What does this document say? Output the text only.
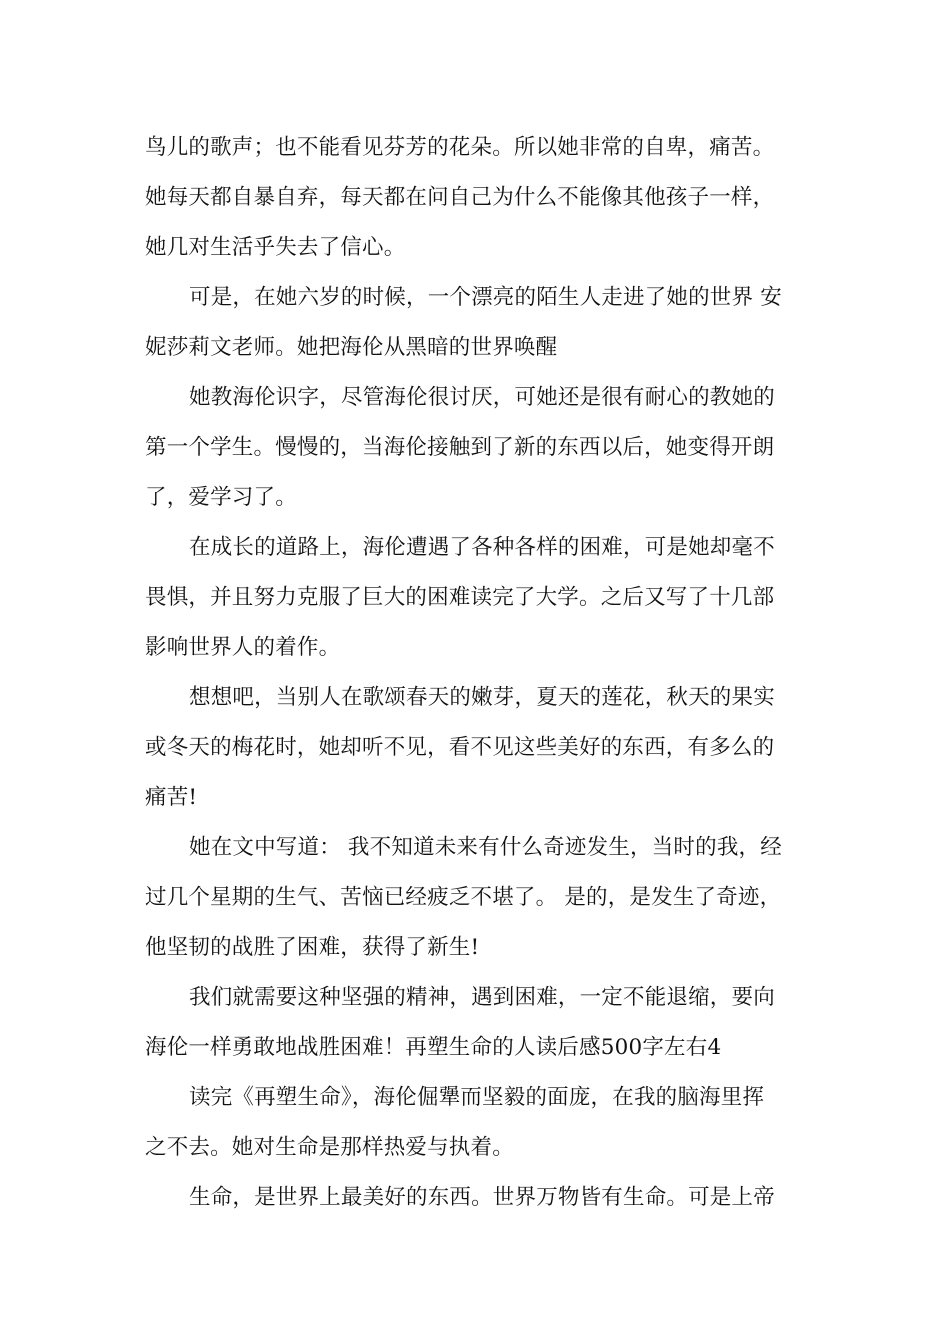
鸟儿的歌声；也不能看见芬芳的花朵。所以她非常的自卑，痛苦。
她每天都自暴自弃，每天都在问自己为什么不能像其他孩子一样，
她几对生活乎失去了信心。
可是，在她六岁的时候，一个漂亮的陌生人走进了她的世界 安
妮莎莉文老师。她把海伦从黑暗的世界唤醒
她教海伦识字，尽管海伦很讨厌，可她还是很有耐心的教她的
第一个学生。慢慢的，当海伦接触到了新的东西以后，她变得开朗
了，爱学习了。
在成长的道路上，海伦遭遇了各种各样的困难，可是她却毫不
畏惧，并且努力克服了巨大的困难读完了大学。之后又写了十几部
影响世界人的着作。
想想吧，当别人在歌颂春天的嫩芽，夏天的莲花，秋天的果实
或冬天的梅花时，她却听不见，看不见这些美好的东西，有多么的
痛苦!
她在文中写道： 我不知道未来有什么奇迹发生，当时的我，经
过几个星期的生气、苦恼已经疲乏不堪了。 是的，是发生了奇迹，
他坚韧的战胜了困难，获得了新生!
我们就需要这种坚强的精神，遇到困难，一定不能退缩，要向
海伦一样勇敢地战胜困难！再塑生命的人读后感500字左右4
读完《再塑生命》，海伦倔犟而坚毅的面庞，在我的脑海里挥
之不去。她对生命是那样热爱与执着。
生命，是世界上最美好的东西。世界万物皆有生命。可是上帝
